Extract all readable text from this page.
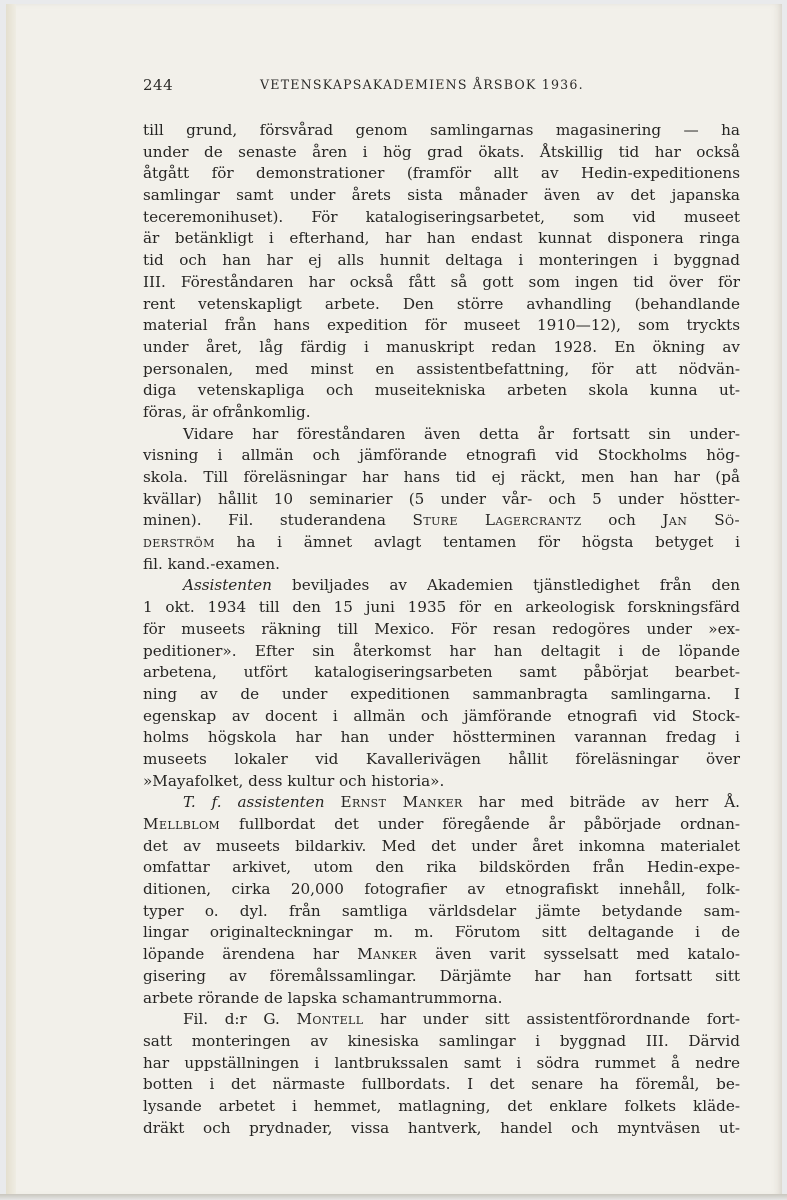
244	VETENSKAPSAKADEMIENS ÅRSBOK 1936.
till grund, försvårad genom samlingarnas magasinering — ha
under de senaste åren i hög grad ökats. Åtskillig tid har också
åtgått för demonstrationer (framför allt av Hedin-expeditionens
samlingar samt under årets sista månader även av det japanska
teceremonihuset). För katalogiseringsarbetet, som vid museet
är betänkligt i efterhand, har han endast kunnat disponera ringa
tid och han har ej alls hunnit deltaga i monteringen i byggnad
III. Föreståndaren har också fått så gott som ingen tid över för
rent vetenskapligt arbete. Den större avhandling (behandlande
material från hans expedition för museet 1910—12), som tryckts
under året, låg färdig i manuskript redan 1928. En ökning av
personalen, med minst en assistentbefattning, för att nödvän-
diga vetenskapliga och museitekniska arbeten skola kunna ut-
föras, är ofrånkomlig.
Vidare har föreståndaren även detta år fortsatt sin under-
visning i allmän och jämförande etnografi vid Stockholms hög-
skola. Till föreläsningar har hans tid ej räckt, men han har (på
kvällar) hållit 10 seminarier (5 under vår- och 5 under höstter-
minen). Fil. studerandena Sture Lagercrantz och Jan Sö-
derström ha i ämnet avlagt tentamen för högsta betyget i
fil. kand.-examen.
Assistenten beviljades av Akademien tjänstledighet från den
1 okt. 1934 till den 15 juni 1935 för en arkeologisk forskningsfärd
för museets räkning till Mexico. För resan redogöres under »ex-
peditioner». Efter sin återkomst har han deltagit i de löpande
arbetena, utfört katalogiseringsarbeten samt påbörjat bearbet-
ning av de under expeditionen sammanbragta samlingarna. I
egenskap av docent i allmän och jämförande etnografi vid Stock-
holms högskola har han under höstterminen varannan fredag i
museets lokaler vid Kavallerivägen hållit föreläsningar över
»Mayafolket, dess kultur och historia».
T. f. assistenten Ernst Manker har med biträde av herr Å.
Mellblom fullbordat det under föregående år påbörjade ordnan-
det av museets bildarkiv. Med det under året inkomna materialet
omfattar arkivet, utom den rika bildskörden från Hedin-expe-
ditionen, cirka 20,000 fotografier av etnografiskt innehåll, folk-
typer o. dyl. från samtliga världsdelar jämte betydande sam-
lingar originalteckningar m. m. Förutom sitt deltagande i de
löpande ärendena har Manker även varit sysselsatt med katalo-
gisering av föremålssamlingar. Därjämte har han fortsatt sitt
arbete rörande de lapska schamantrummorna.
Fil. d:r G. Montell har under sitt assistentförordnande fort-
satt monteringen av kinesiska samlingar i byggnad III. Därvid
har uppställningen i lantbrukssalen samt i södra rummet å nedre
botten i det närmaste fullbordats. I det senare ha föremål, be-
lysande arbetet i hemmet, matlagning, det enklare folkets kläde-
dräkt och prydnader, vissa hantverk, handel och myntväsen ut-
